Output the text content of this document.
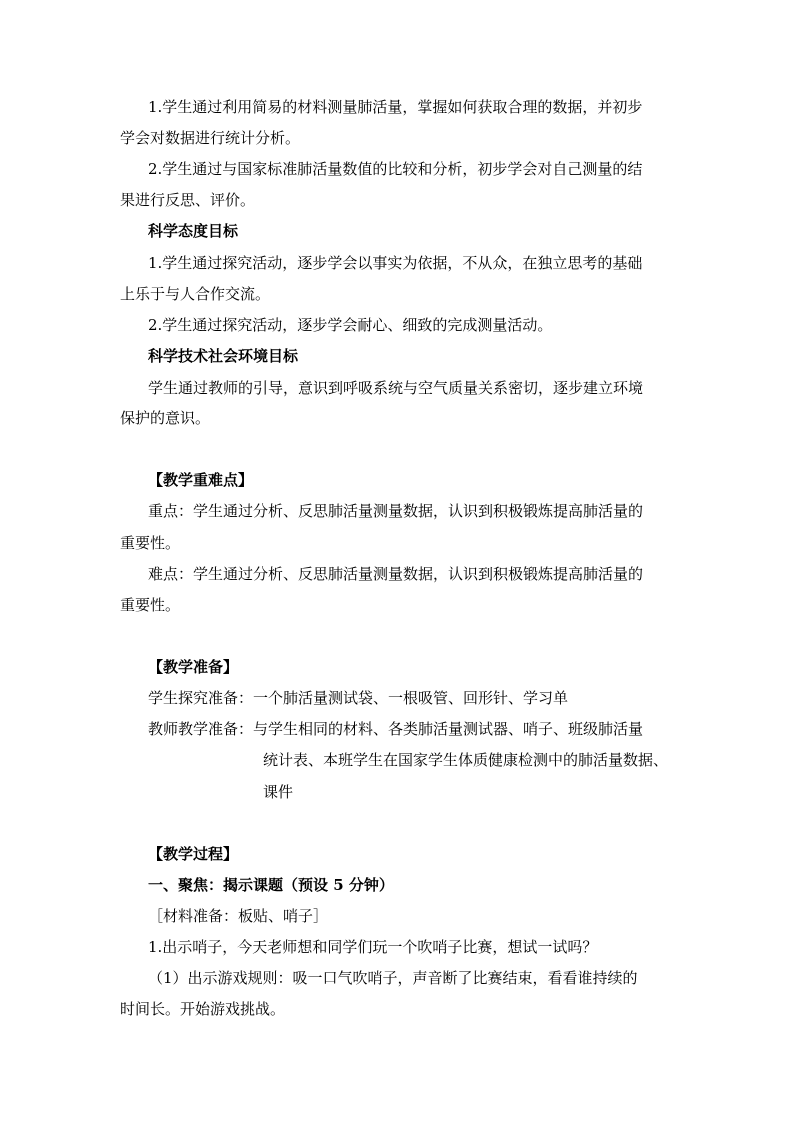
1.学生通过利用简易的材料测量肺活量，掌握如何获取合理的数据，并初步
学会对数据进行统计分析。
2.学生通过与国家标准肺活量数值的比较和分析，初步学会对自己测量的结
果进行反思、评价。
科学态度目标
1.学生通过探究活动，逐步学会以事实为依据，不从众，在独立思考的基础
上乐于与人合作交流。
2.学生通过探究活动，逐步学会耐心、细致的完成测量活动。
科学技术社会环境目标
学生通过教师的引导，意识到呼吸系统与空气质量关系密切，逐步建立环境
保护的意识。
【教学重难点】
重点：学生通过分析、反思肺活量测量数据，认识到积极锻炼提高肺活量的
重要性。
难点：学生通过分析、反思肺活量测量数据，认识到积极锻炼提高肺活量的
重要性。
【教学准备】
学生探究准备：一个肺活量测试袋、一根吸管、回形针、学习单
教师教学准备：与学生相同的材料、各类肺活量测试器、哨子、班级肺活量
统计表、本班学生在国家学生体质健康检测中的肺活量数据、
课件
【教学过程】
一、聚焦：揭示课题（预设 5 分钟）
［材料准备：板贴、哨子］
1.出示哨子，今天老师想和同学们玩一个吹哨子比赛，想试一试吗？
（1）出示游戏规则：吸一口气吹哨子，声音断了比赛结束，看看谁持续的
时间长。开始游戏挑战。
